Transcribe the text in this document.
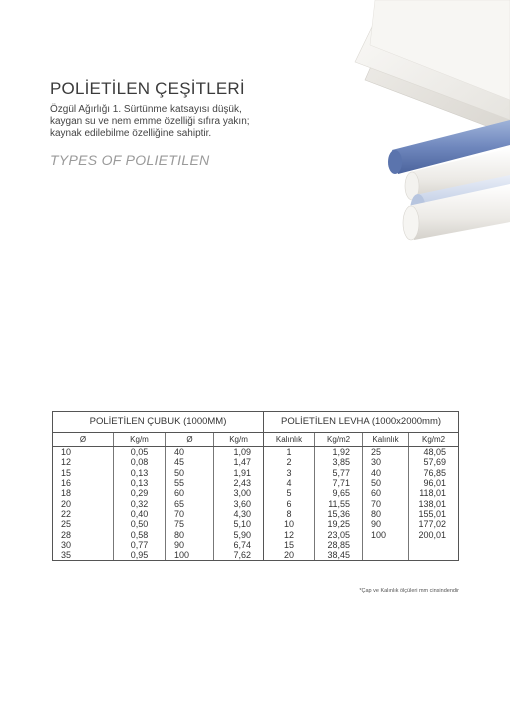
POLİETİLEN ÇEŞİTLERİ
Özgül Ağırlığı 1. Sürtünme katsayısı düşük,
kaygan su ve nem emme özelliği sıfıra yakın;
kaynak edilebilme özelliğine sahiptir.
TYPES OF POLIETILEN
POLİETİLEN ÇUBUK (1000MM)				POLİETİLEN LEVHA (1000x2000mm)			
Ø	Kg/m	Ø	Kg/m	Kalınlık	Kg/m2	Kalınlık	Kg/m2
10	0,05	40	1,09	1	1,92	25	48,05
12	0,08	45	1,47	2	3,85	30	57,69
15	0,13	50	1,91	3	5,77	40	76,85
16	0,13	55	2,43	4	7,71	50	96,01
18	0,29	60	3,00	5	9,65	60	118,01
20	0,32	65	3,60	6	11,55	70	138,01
22	0,40	70	4,30	8	15,36	80	155,01
25	0,50	75	5,10	10	19,25	90	177,02
28	0,58	80	5,90	12	23,05	100	200,01
30	0,77	90	6,74	15	28,85		
35	0,95	100	7,62	20	38,45		
*Çap ve Kalınlık ölçüleri mm cinsindendir
